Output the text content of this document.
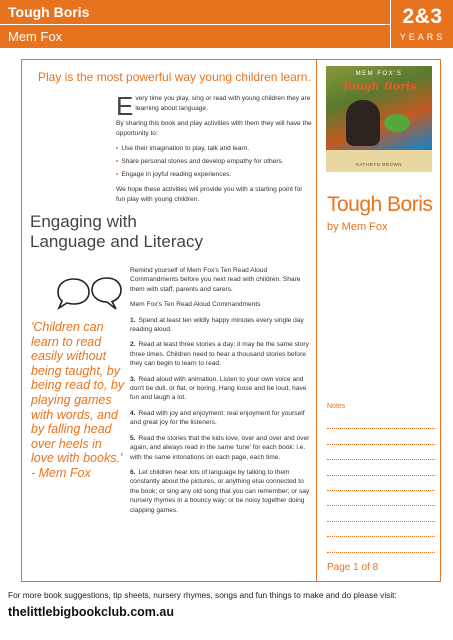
Tough Boris
Mem Fox
2&3
YEARS
Play is the most powerful way young children learn.

Every time you play, sing or read with young children they are learning about language.

By sharing this book and play activities with them they will have the opportunity to:

• Use their imagination to play, talk and learn.
• Share personal stories and develop empathy for others.
• Engage in joyful reading experiences.

We hope these activities will provide you with a starting point for fun play with young children.

Engaging with
Language and Literacy
'Children can learn to read easily without being taught, by being read to, by playing games with words, and by falling head over heels in love with books.' - Mem Fox

Remind yourself of Mem Fox's Ten Read Aloud Commandments before you next read with children. Share them with staff, parents and carers.

Mem Fox's Ten Read Aloud Commandments

1. Spend at least ten wildly happy minutes every single day reading aloud.
2. Read at least three stories a day; it may be the same story three times. Children need to hear a thousand stories before they can begin to learn to read.
3. Read aloud with animation. Listen to your own voice and don't be dull, or flat, or boring. Hang loose and be loud, have fun and laugh a lot.
4. Read with joy and enjoyment: real enjoyment for yourself and great joy for the listeners.
5. Read the stories that the kids love, over and over and over again, and always read in the same 'tune' for each book: i.e. with the same intonations on each page, each time.
6. Let children hear lots of language by talking to them constantly about the pictures, or anything else connected to the book; or sing any old song that you can remember; or say nursery rhymes in a bouncy way; or be noisy together doing clapping games.
MEM FOX'S
Tough Boris
KATHRYN BROWN
Tough Boris
by Mem Fox
Notes
Page 1 of 8
For more book suggestions, tip sheets, nursery rhymes, songs and fun things to make and do please visit:
thelittlebigbookclub.com.au
